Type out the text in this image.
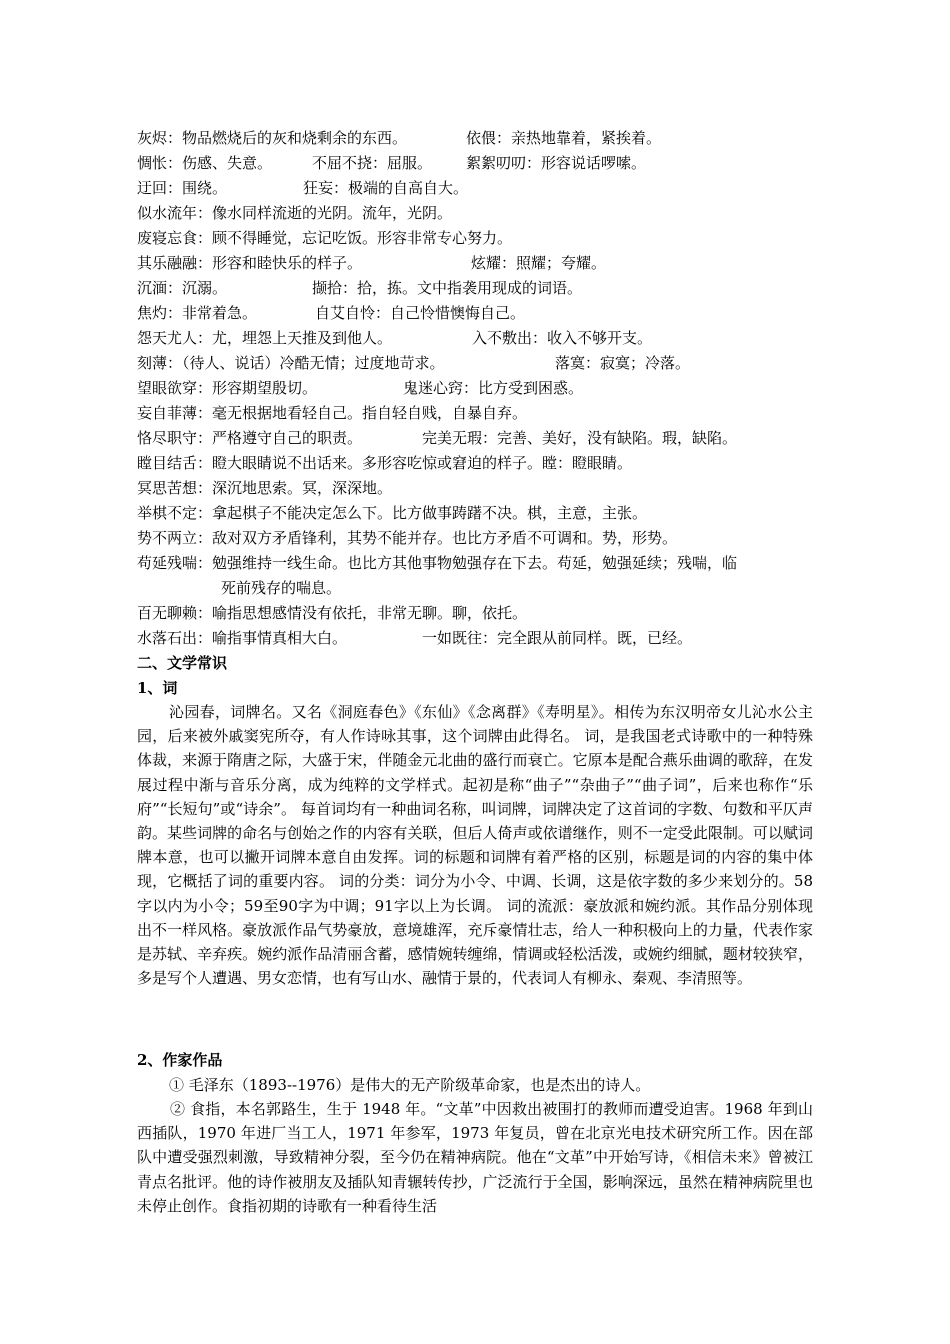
灰烬：物品燃烧后的灰和烧剩余的东西。	依偎：亲热地靠着，紧挨着。
惆怅：伤感、失意。	不屈不挠：屈服。 絮絮叨叨：形容说话啰嗦。
迂回：围绕。	狂妄：极端的自高自大。
似水流年：像水同样流逝的光阴。流年，光阴。
废寝忘食：顾不得睡觉，忘记吃饭。形容非常专心努力。
其乐融融：形容和睦快乐的样子。	炫耀：照耀；夸耀。
沉湎：沉溺。	撷拾：拾，拣。文中指袭用现成的词语。
焦灼：非常着急。	自艾自怜：自己怜惜懊悔自己。
怨天尤人：尤，埋怨上天推及到他人。	入不敷出：收入不够开支。
刻薄：（待人、说话）冷酷无情；过度地苛求。	落寞：寂寞；冷落。
望眼欲穿：形容期望殷切。	鬼迷心窍：比方受到困惑。
妄自菲薄：毫无根据地看轻自己。指自轻自贱，自暴自弃。
恪尽职守：严格遵守自己的职责。	完美无瑕：完善、美好，没有缺陷。瑕，缺陷。
瞠目结舌：瞪大眼睛说不出话来。多形容吃惊或窘迫的样子。瞠：瞪眼睛。
冥思苦想：深沉地思索。冥，深深地。
举棋不定：拿起棋子不能决定怎么下。比方做事踌躇不决。棋，主意，主张。
势不两立：敌对双方矛盾锋利，其势不能并存。也比方矛盾不可调和。势，形势。
苟延残喘：勉强维持一线生命。也比方其他事物勉强存在下去。苟延，勉强延续；残喘，临
死前残存的喘息。
百无聊赖：喻指思想感情没有依托，非常无聊。聊，依托。
水落石出：喻指事情真相大白。	一如既往：完全跟从前同样。既，已经。
二、文学常识
1、词

沁园春，词牌名。又名《洞庭春色》《东仙》《念离群》《寿明星》。相传为东汉明帝女儿沁水公主园，后来被外戚窦宪所夺，有人作诗咏其事，这个词牌由此得名。 词，是我国老式诗歌中的一种特殊体裁，来源于隋唐之际，大盛于宋，伴随金元北曲的盛行而衰亡。它原本是配合燕乐曲调的歌辞，在发展过程中渐与音乐分离，成为纯粹的文学样式。起初是称“曲子”“杂曲子”“曲子词”，后来也称作“乐府”“长短句”或“诗余”。 每首词均有一种曲词名称，叫词牌，词牌决定了这首词的字数、句数和平仄声韵。某些词牌的命名与创始之作的内容有关联，但后人倚声或依谱继作，则不一定受此限制。可以赋词牌本意，也可以撇开词牌本意自由发挥。词的标题和词牌有着严格的区别，标题是词的内容的集中体现，它概括了词的重要内容。 词的分类：词分为小令、中调、长调，这是依字数的多少来划分的。58字以内为小令；59至90字为中调；91字以上为长调。 词的流派：豪放派和婉约派。其作品分别体现出不一样风格。豪放派作品气势豪放，意境雄浑，充斥豪情壮志，给人一种积极向上的力量，代表作家是苏轼、辛弃疾。婉约派作品清丽含蓄，感情婉转缠绵，情调或轻松活泼，或婉约细腻，题材较狭窄，多是写个人遭遇、男女恋情，也有写山水、融情于景的，代表词人有柳永、秦观、李清照等。

2、作家作品
① 毛泽东（1893--1976）是伟大的无产阶级革命家，也是杰出的诗人。

② 食指，本名郭路生，生于 1948 年。“文革”中因救出被围打的教师而遭受迫害。1968 年到山西插队，1970 年进厂当工人，1971 年参军，1973 年复员，曾在北京光电技术研究所工作。因在部队中遭受强烈刺激，导致精神分裂，至今仍在精神病院。他在“文革”中开始写诗，《相信未来》曾被江青点名批评。他的诗作被朋友及插队知青辗转传抄，广泛流行于全国，影响深远，虽然在精神病院里也未停止创作。食指初期的诗歌有一种看待生活
